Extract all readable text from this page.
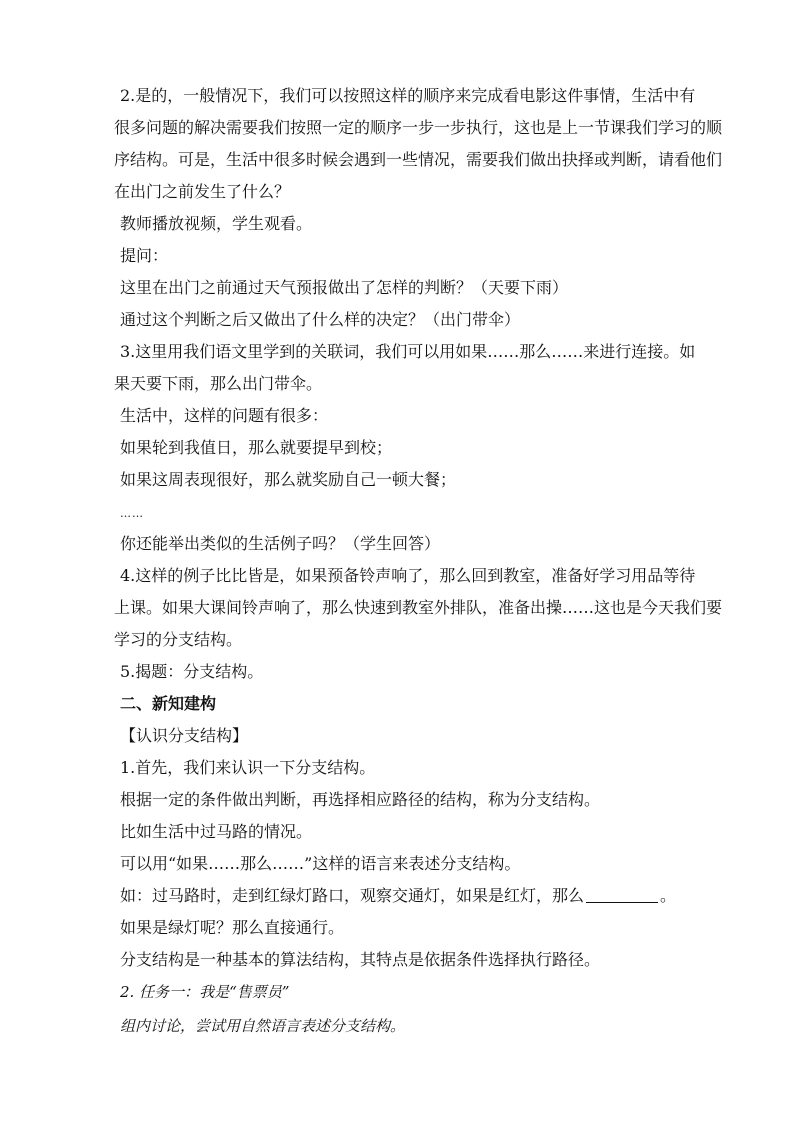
2.是的，一般情况下，我们可以按照这样的顺序来完成看电影这件事情，生活中有
很多问题的解决需要我们按照一定的顺序一步一步执行，这也是上一节课我们学习的顺
序结构。可是，生活中很多时候会遇到一些情况，需要我们做出抉择或判断，请看他们
在出门之前发生了什么？
教师播放视频，学生观看。
提问：
这里在出门之前通过天气预报做出了怎样的判断？（天要下雨）
通过这个判断之后又做出了什么样的决定？（出门带伞）
3.这里用我们语文里学到的关联词，我们可以用如果……那么……来进行连接。如
果天要下雨，那么出门带伞。
生活中，这样的问题有很多：
如果轮到我值日，那么就要提早到校；
如果这周表现很好，那么就奖励自己一顿大餐；
……
你还能举出类似的生活例子吗？（学生回答）
4.这样的例子比比皆是，如果预备铃声响了，那么回到教室，准备好学习用品等待
上课。如果大课间铃声响了，那么快速到教室外排队，准备出操……这也是今天我们要
学习的分支结构。
5.揭题：分支结构。
二、新知建构
【认识分支结构】
1.首先，我们来认识一下分支结构。
根据一定的条件做出判断，再选择相应路径的结构，称为分支结构。
比如生活中过马路的情况。
可以用“如果……那么……”这样的语言来表述分支结构。
如：过马路时，走到红绿灯路口，观察交通灯，如果是红灯，那么	。
如果是绿灯呢？那么直接通行。
分支结构是一种基本的算法结构，其特点是依据条件选择执行路径。
2. 任务一：我是“售票员”
组内讨论，尝试用自然语言表述分支结构。
